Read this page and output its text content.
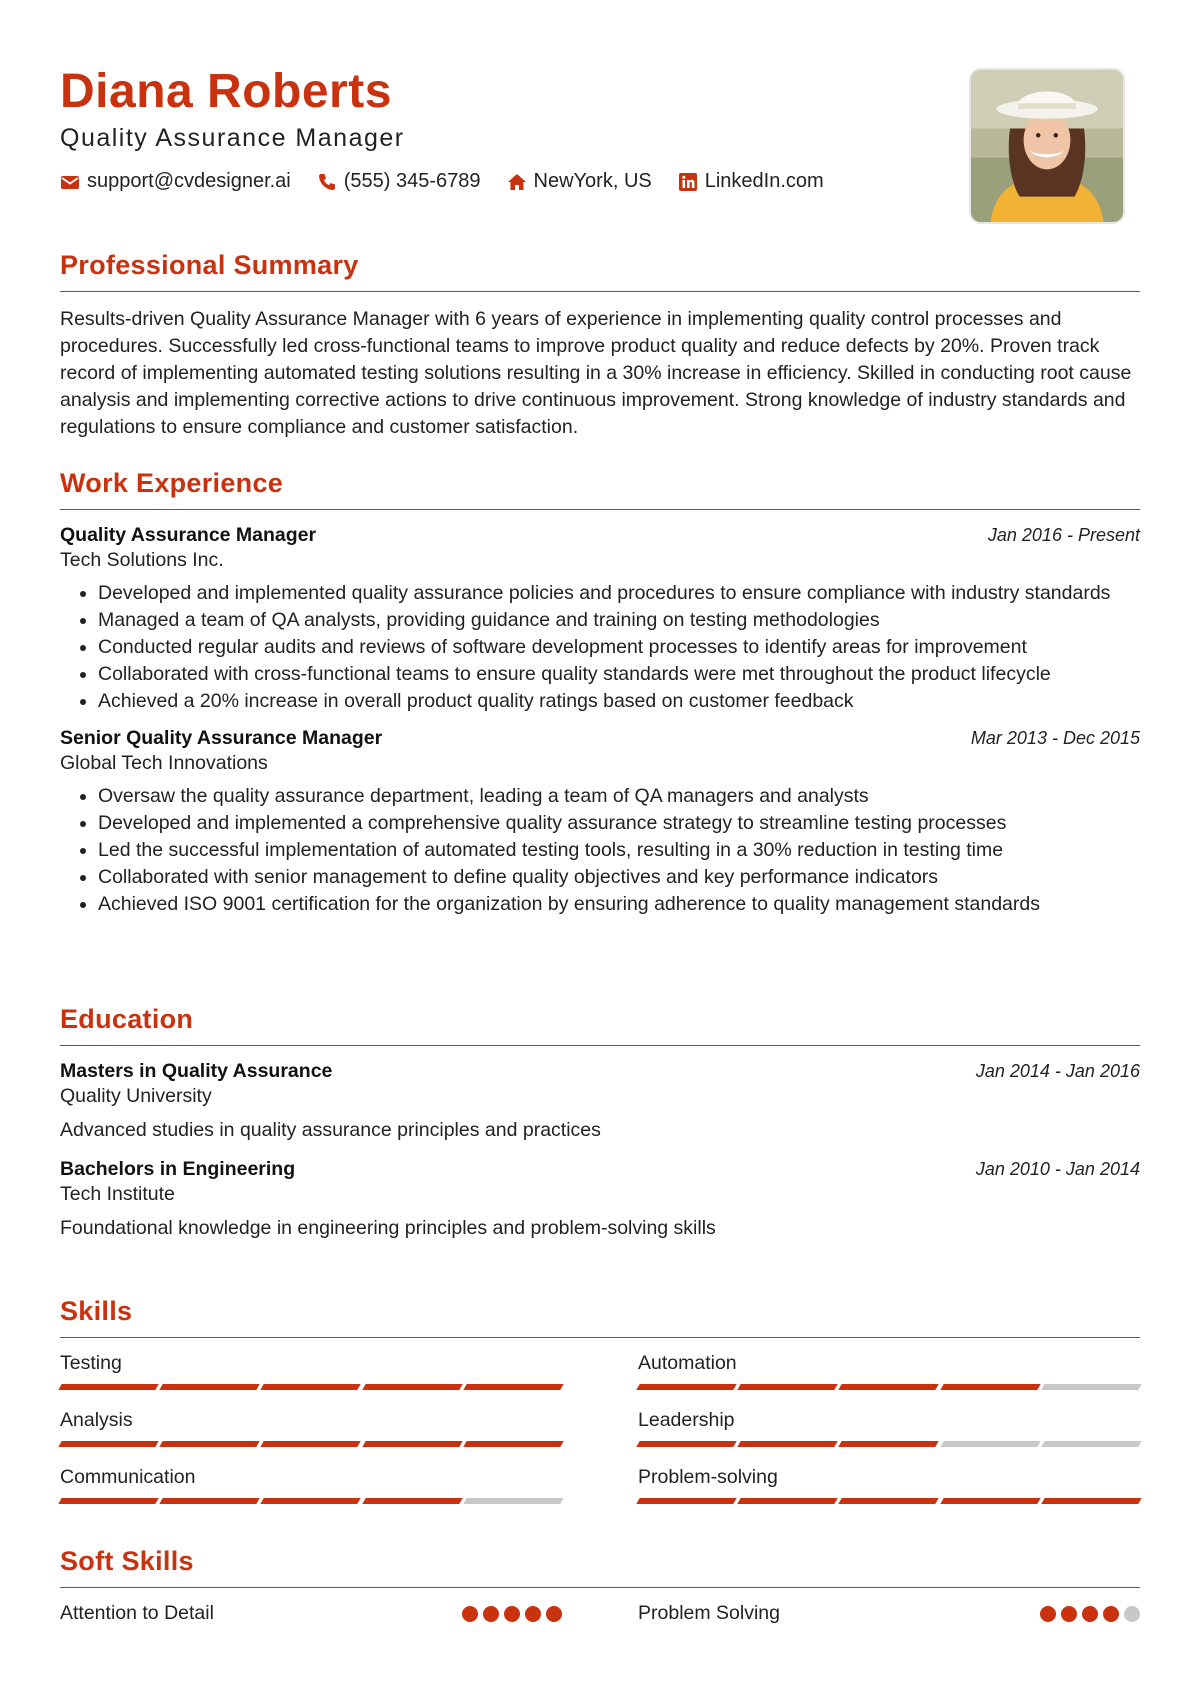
Diana Roberts
Quality Assurance Manager
support@cvdesigner.ai	(555) 345-6789	NewYork, US	LinkedIn.com
Professional Summary

Results-driven Quality Assurance Manager with 6 years of experience in implementing quality control processes and procedures. Successfully led cross-functional teams to improve product quality and reduce defects by 20%. Proven track record of implementing automated testing solutions resulting in a 30% increase in efficiency. Skilled in conducting root cause analysis and implementing corrective actions to drive continuous improvement. Strong knowledge of industry standards and regulations to ensure compliance and customer satisfaction.

Work Experience
Quality Assurance Manager	Jan 2016 - Present
Tech Solutions Inc.
• Developed and implemented quality assurance policies and procedures to ensure compliance with industry standards
• Managed a team of QA analysts, providing guidance and training on testing methodologies
• Conducted regular audits and reviews of software development processes to identify areas for improvement
• Collaborated with cross-functional teams to ensure quality standards were met throughout the product lifecycle
• Achieved a 20% increase in overall product quality ratings based on customer feedback
Senior Quality Assurance Manager	Mar 2013 - Dec 2015
Global Tech Innovations
• Oversaw the quality assurance department, leading a team of QA managers and analysts
• Developed and implemented a comprehensive quality assurance strategy to streamline testing processes
• Led the successful implementation of automated testing tools, resulting in a 30% reduction in testing time
• Collaborated with senior management to define quality objectives and key performance indicators
• Achieved ISO 9001 certification for the organization by ensuring adherence to quality management standards
Education
Masters in Quality Assurance	Jan 2014 - Jan 2016
Quality University
Advanced studies in quality assurance principles and practices
Bachelors in Engineering	Jan 2010 - Jan 2014
Tech Institute
Foundational knowledge in engineering principles and problem-solving skills
Skills
Testing	Automation
Analysis	Leadership
Communication	Problem-solving
Soft Skills
Attention to Detail	Problem Solving
